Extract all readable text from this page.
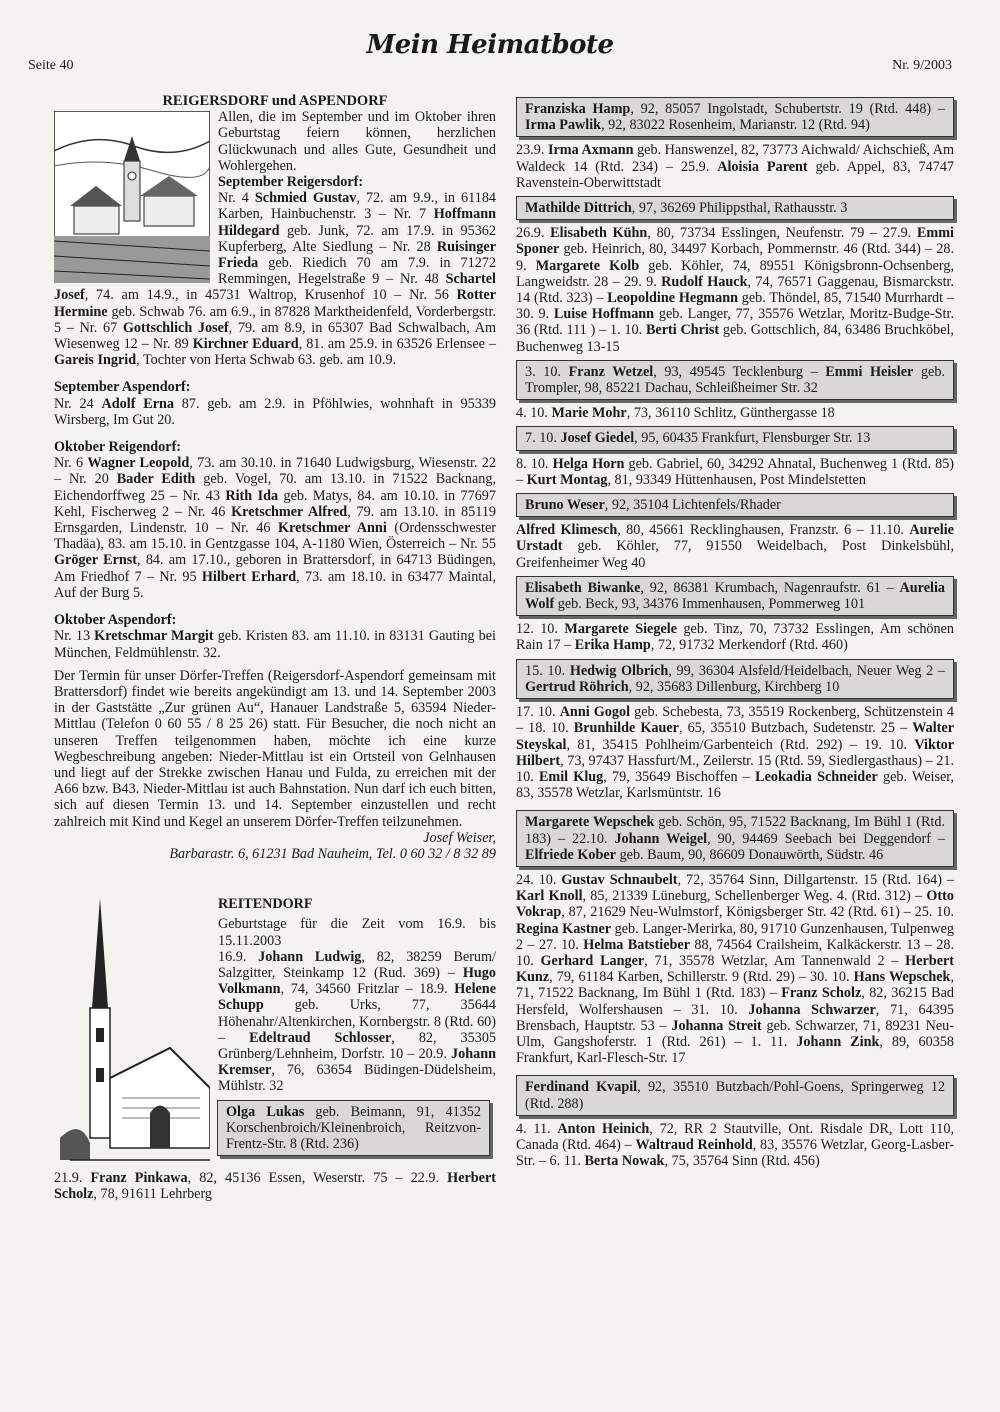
Seite 40
Mein Heimatbote
Nr. 9/2003

REIGERSDORF und ASPENDORF

Allen, die im September und im Oktober ihren Geburtstag feiern können, herzlichen Glückwunach und alles Gute, Gesundheit und Wohlergehen.

September Reigersdorf:

Nr. 4 Schmied Gustav, 72. am 9.9., in 61184 Karben, Hainbuchenstr. 3 – Nr. 7 Hoffmann Hildegard geb. Junk, 72. am 17.9. in 95362 Kupferberg, Alte Siedlung – Nr. 28 Ruisinger Frieda geb. Riedich 70 am 7.9. in 71272 Remmingen, Hegelstraße 9 – Nr. 48 Schartel Josef, 74. am 14.9., in 45731 Waltrop, Krusenhof 10 – Nr. 56 Rotter Hermine geb. Schwab 76. am 6.9., in 87828 Marktheidenfeld, Vorderbergstr. 5 – Nr. 67 Gottschlich Josef, 79. am 8.9, in 65307 Bad Schwalbach, Am Wiesenweg 12 – Nr. 89 Kirchner Eduard, 81. am 25.9. in 63526 Erlensee – Gareis Ingrid, Tochter von Herta Schwab 63. geb. am 10.9.

September Aspendorf:

Nr. 24 Adolf Erna 87. geb. am 2.9. in Pföhlwies, wohnhaft in 95339 Wirsberg, Im Gut 20.

Oktober Reigendorf:

Nr. 6 Wagner Leopold, 73. am 30.10. in 71640 Ludwigsburg, Wiesenstr. 22 – Nr. 20 Bader Edith geb. Vogel, 70. am 13.10. in 71522 Backnang, Eichendorffweg 25 – Nr. 43 Rith Ida geb. Matys, 84. am 10.10. in 77697 Kehl, Fischerweg 2 – Nr. 46 Kretschmer Alfred, 79. am 13.10. in 85119 Ernsgarden, Lindenstr. 10 – Nr. 46 Kretschmer Anni (Ordensschwester Thadäa), 83. am 15.10. in Gentzgasse 104, A-1180 Wien, Österreich – Nr. 55 Gröger Ernst, 84. am 17.10., geboren in Brattersdorf, in 64713 Büdingen, Am Friedhof 7 – Nr. 95 Hilbert Erhard, 73. am 18.10. in 63477 Maintal, Auf der Burg 5.

Oktober Aspendorf:

Nr. 13 Kretschmar Margit geb. Kristen 83. am 11.10. in 83131 Gauting bei München, Feldmühlenstr. 32.

Der Termin für unser Dörfer-Treffen (Reigersdorf-Aspendorf gemeinsam mit Brattersdorf) findet wie bereits angekündigt am 13. und 14. September 2003 in der Gaststätte „Zur grünen Au“, Hanauer Landstraße 5, 63594 Nieder-Mittlau (Telefon 0 60 55 / 8 25 26) statt. Für Besucher, die noch nicht an unseren Treffen teilgenommen haben, möchte ich eine kurze Wegbeschreibung angeben: Nieder-Mittlau ist ein Ortsteil von Gelnhausen und liegt auf der Strekke zwischen Hanau und Fulda, zu erreichen mit der A66 bzw. B43. Nieder-Mittlau ist auch Bahnstation. Nun darf ich euch bitten, sich auf diesen Termin 13. und 14. September einzustellen und recht zahlreich mit Kind und Kegel an unserem Dörfer-Treffen teilzunehmen.

Josef Weiser,

Barbarastr. 6, 61231 Bad Nauheim, Tel. 0 60 32 / 8 32 89

REITENDORF

Geburtstage für die Zeit vom 16.9. bis 15.11.2003

16.9. Johann Ludwig, 82, 38259 Berum/ Salzgitter, Steinkamp 12 (Rud. 369) – Hugo Volkmann, 74, 34560 Fritzlar – 18.9. Helene Schupp geb. Urks, 77, 35644 Höhenahr/Altenkirchen, Kornbergstr. 8 (Rtd. 60) – Edeltraud Schlosser, 82, 35305 Grünberg/Lehnheim, Dorfstr. 10 – 20.9. Johann Kremser, 76, 63654 Büdingen-Düdelsheim, Mühlstr. 32

Olga Lukas geb. Beimann, 91, 41352 Korschenbroich/Kleinenbroich, Reitzvon-Frentz-Str. 8 (Rtd. 236)

21.9. Franz Pinkawa, 82, 45136 Essen, Weserstr. 75 – 22.9. Herbert Scholz, 78, 91611 Lehrberg

Franziska Hamp, 92, 85057 Ingolstadt, Schubertstr. 19 (Rtd. 448) – Irma Pawlik, 92, 83022 Rosenheim, Marianstr. 12 (Rtd. 94)

23.9. Irma Axmann geb. Hanswenzel, 82, 73773 Aichwald/ Aichschieß, Am Waldeck 14 (Rtd. 234) – 25.9. Aloisia Parent geb. Appel, 83, 74747 Ravenstein-Oberwittstadt

Mathilde Dittrich, 97, 36269 Philippsthal, Rathausstr. 3

26.9. Elisabeth Kühn, 80, 73734 Esslingen, Neufenstr. 79 – 27.9. Emmi Sponer geb. Heinrich, 80, 34497 Korbach, Pommernstr. 46 (Rtd. 344) – 28. 9. Margarete Kolb geb. Köhler, 74, 89551 Königsbronn-Ochsenberg, Langweidstr. 28 – 29. 9. Rudolf Hauck, 74, 76571 Gaggenau, Bismarckstr. 14 (Rtd. 323) – Leopoldine Hegmann geb. Thöndel, 85, 71540 Murrhardt – 30. 9. Luise Hoffmann geb. Langer, 77, 35576 Wetzlar, Moritz-Budge-Str. 36 (Rtd. 111 ) – 1. 10. Berti Christ geb. Gottschlich, 84, 63486 Bruchköbel, Buchenweg 13-15

3. 10. Franz Wetzel, 93, 49545 Tecklenburg – Emmi Heisler geb. Trompler, 98, 85221 Dachau, Schleißheimer Str. 32

4. 10. Marie Mohr, 73, 36110 Schlitz, Günthergasse 18

7. 10. Josef Giedel, 95, 60435 Frankfurt, Flensburger Str. 13

8. 10. Helga Horn geb. Gabriel, 60, 34292 Ahnatal, Buchenweg 1 (Rtd. 85) – Kurt Montag, 81, 93349 Hüttenhausen, Post Mindelstetten

Bruno Weser, 92, 35104 Lichtenfels/Rhader

Alfred Klimesch, 80, 45661 Recklinghausen, Franzstr. 6 – 11.10. Aurelie Urstadt geb. Köhler, 77, 91550 Weidelbach, Post Dinkelsbühl, Greifenheimer Weg 40

Elisabeth Biwanke, 92, 86381 Krumbach, Nagenraufstr. 61 – Aurelia Wolf geb. Beck, 93, 34376 Immenhausen, Pommerweg 101

12. 10. Margarete Siegele geb. Tinz, 70, 73732 Esslingen, Am schönen Rain 17 – Erika Hamp, 72, 91732 Merkendorf (Rtd. 460)

15. 10. Hedwig Olbrich, 99, 36304 Alsfeld/Heidelbach, Neuer Weg 2 – Gertrud Röhrich, 92, 35683 Dillenburg, Kirchberg 10

17. 10. Anni Gogol geb. Schebesta, 73, 35519 Rockenberg, Schützenstein 4 – 18. 10. Brunhilde Kauer, 65, 35510 Butzbach, Sudetenstr. 25 – Walter Steyskal, 81, 35415 Pohlheim/Garbenteich (Rtd. 292) – 19. 10. Viktor Hilbert, 73, 97437 Hassfurt/M., Zeilerstr. 15 (Rtd. 59, Siedlergasthaus) – 21. 10. Emil Klug, 79, 35649 Bischoffen – Leokadia Schneider geb. Weiser, 83, 35578 Wetzlar, Karlsmüntstr. 16

Margarete Wepschek geb. Schön, 95, 71522 Backnang, Im Bühl 1 (Rtd. 183) – 22.10. Johann Weigel, 90, 94469 Seebach bei Deggendorf – Elfriede Kober geb. Baum, 90, 86609 Donauwörth, Südstr. 46

24. 10. Gustav Schnaubelt, 72, 35764 Sinn, Dillgartenstr. 15 (Rtd. 164) – Karl Knoll, 85, 21339 Lüneburg, Schellenberger Weg. 4. (Rtd. 312) – Otto Vokrap, 87, 21629 Neu-Wulmstorf, Königsberger Str. 42 (Rtd. 61) – 25. 10. Regina Kastner geb. Langer-Merirka, 80, 91710 Gunzenhausen, Tulpenweg 2 – 27. 10. Helma Batstieber 88, 74564 Crailsheim, Kalkäckerstr. 13 – 28. 10. Gerhard Langer, 71, 35578 Wetzlar, Am Tannenwald 2 – Herbert Kunz, 79, 61184 Karben, Schillerstr. 9 (Rtd. 29) – 30. 10. Hans Wepschek, 71, 71522 Backnang, Im Bühl 1 (Rtd. 183) – Franz Scholz, 82, 36215 Bad Hersfeld, Wolfershausen – 31. 10. Johanna Schwarzer, 71, 64395 Brensbach, Hauptstr. 53 – Johanna Streit geb. Schwarzer, 71, 89231 Neu-Ulm, Gangshoferstr. 1 (Rtd. 261) – 1. 11. Johann Zink, 89, 60358 Frankfurt, Karl-Flesch-Str. 17

Ferdinand Kvapil, 92, 35510 Butzbach/Pohl-Goens, Springerweg 12 (Rtd. 288)

4. 11. Anton Heinich, 72, RR 2 Stautville, Ont. Risdale DR, Lott 110, Canada (Rtd. 464) – Waltraud Reinhold, 83, 35576 Wetzlar, Georg-Lasber-Str. – 6. 11. Berta Nowak, 75, 35764 Sinn (Rtd. 456)
